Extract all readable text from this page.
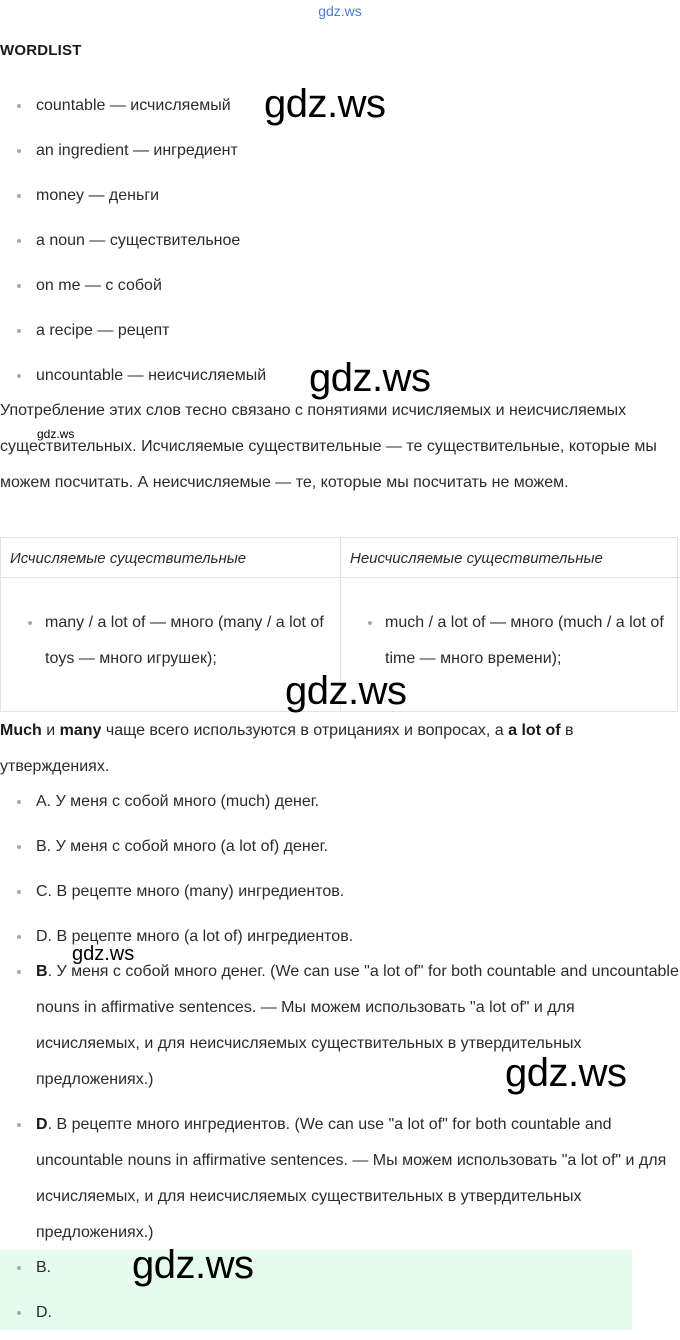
gdz.ws
WORDLIST
countable — исчисляемый
an ingredient — ингредиент
money — деньги
a noun — существительное
on me — с собой
a recipe — рецепт
uncountable — неисчисляемый
Употребление этих слов тесно связано с понятиями исчисляемых и неисчисляемых существительных. Исчисляемые существительные — те существительные, которые мы можем посчитать. А неисчисляемые — те, которые мы посчитать не можем.
Исчисляемые существительные	Неисчисляемые существительные
many / a lot of — много (many / a lot of toys — много игрушек);
much / a lot of — много (much / a lot of time — много времени);
Much и many чаще всего используются в отрицаниях и вопросах, а a lot of в утверждениях.
A. У меня с собой много (much) денег.
B. У меня с собой много (a lot of) денег.
C. В рецепте много (many) ингредиентов.
D. В рецепте много (a lot of) ингредиентов.
B. У меня с собой много денег. (We can use "a lot of" for both countable and uncountable nouns in affirmative sentences. — Мы можем использовать "a lot of" и для исчисляемых, и для неисчисляемых существительных в утвердительных предложениях.)
D. В рецепте много ингредиентов. (We can use "a lot of" for both countable and uncountable nouns in affirmative sentences. — Мы можем использовать "a lot of" и для исчисляемых, и для неисчисляемых существительных в утвердительных предложениях.)
B.
D.
gdz.ws
gdz.ws
gdz.ws
gdz.ws
gdz.ws
gdz.ws
gdz.ws
